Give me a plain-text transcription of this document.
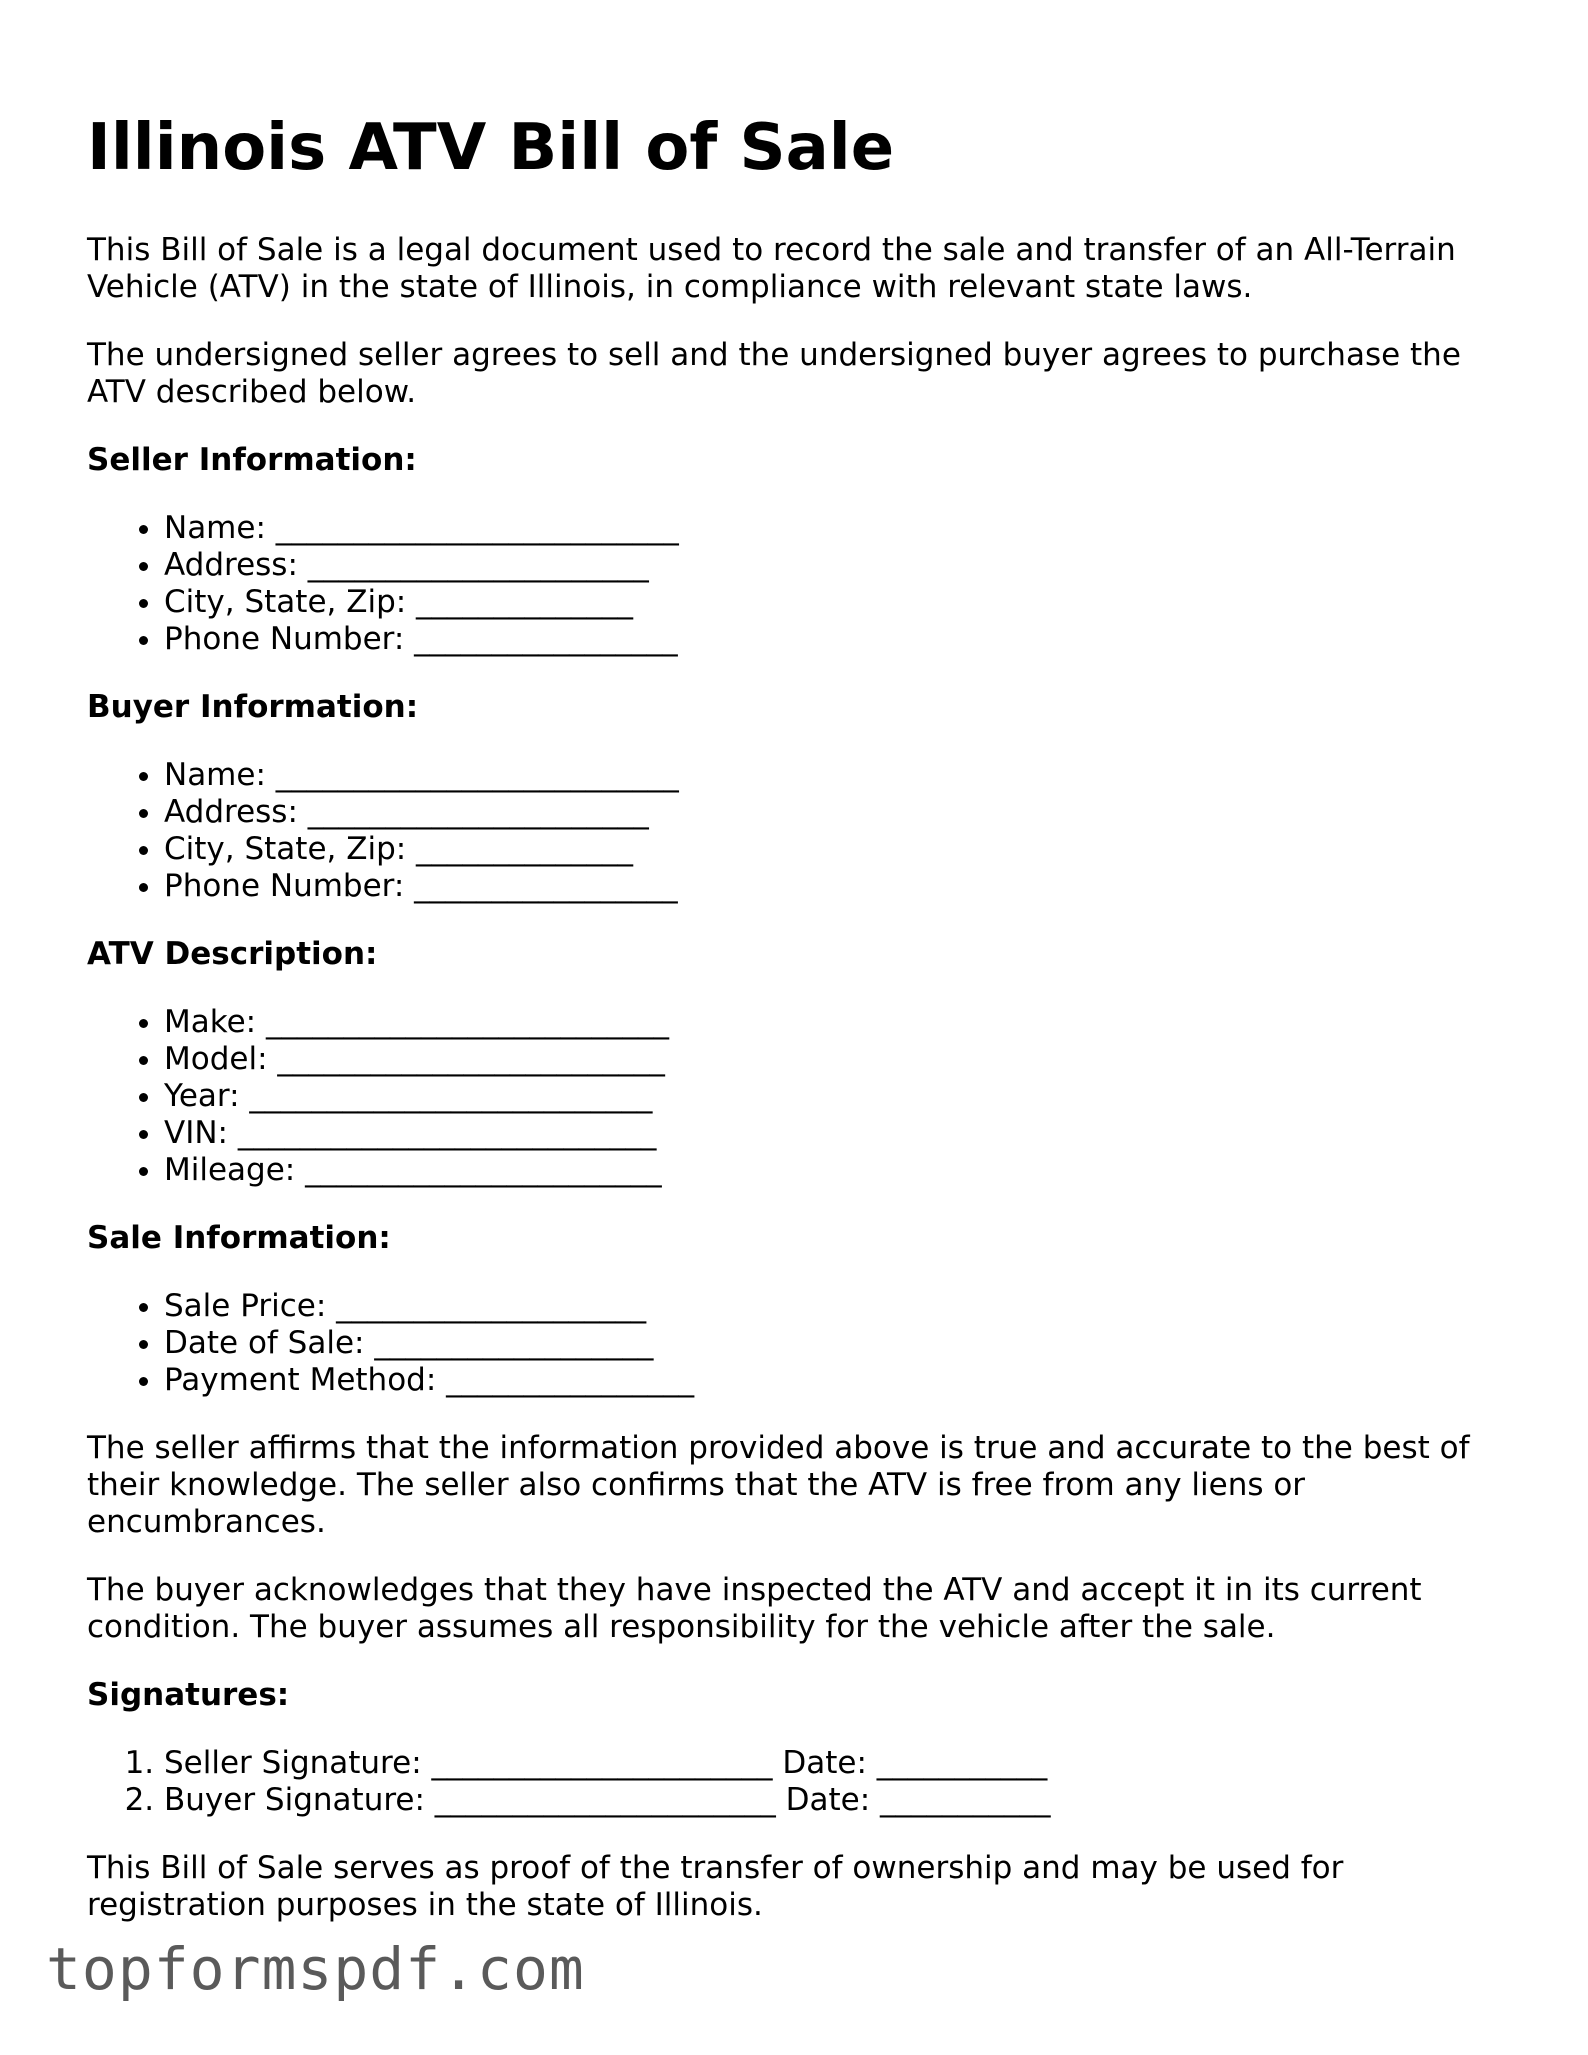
Illinois ATV Bill of Sale

This Bill of Sale is a legal document used to record the sale and transfer of an All-Terrain Vehicle (ATV) in the state of Illinois, in compliance with relevant state laws.

The undersigned seller agrees to sell and the undersigned buyer agrees to purchase the ATV described below.

Seller Information:
• Name: __________________________
• Address: ______________________
• City, State, Zip: ______________
• Phone Number: _________________
Buyer Information:
• Name: __________________________
• Address: ______________________
• City, State, Zip: ______________
• Phone Number: _________________
ATV Description:
• Make: __________________________
• Model: _________________________
• Year: __________________________
• VIN: ___________________________
• Mileage: _______________________
Sale Information:
• Sale Price: ____________________
• Date of Sale: __________________
• Payment Method: ________________

The seller affirms that the information provided above is true and accurate to the best of their knowledge. The seller also confirms that the ATV is free from any liens or encumbrances.

The buyer acknowledges that they have inspected the ATV and accept it in its current condition. The buyer assumes all responsibility for the vehicle after the sale.

Signatures:
1. Seller Signature: ______________________ Date: ___________
2. Buyer Signature: ______________________ Date: ___________

This Bill of Sale serves as proof of the transfer of ownership and may be used for registration purposes in the state of Illinois.

topformspdf.com
